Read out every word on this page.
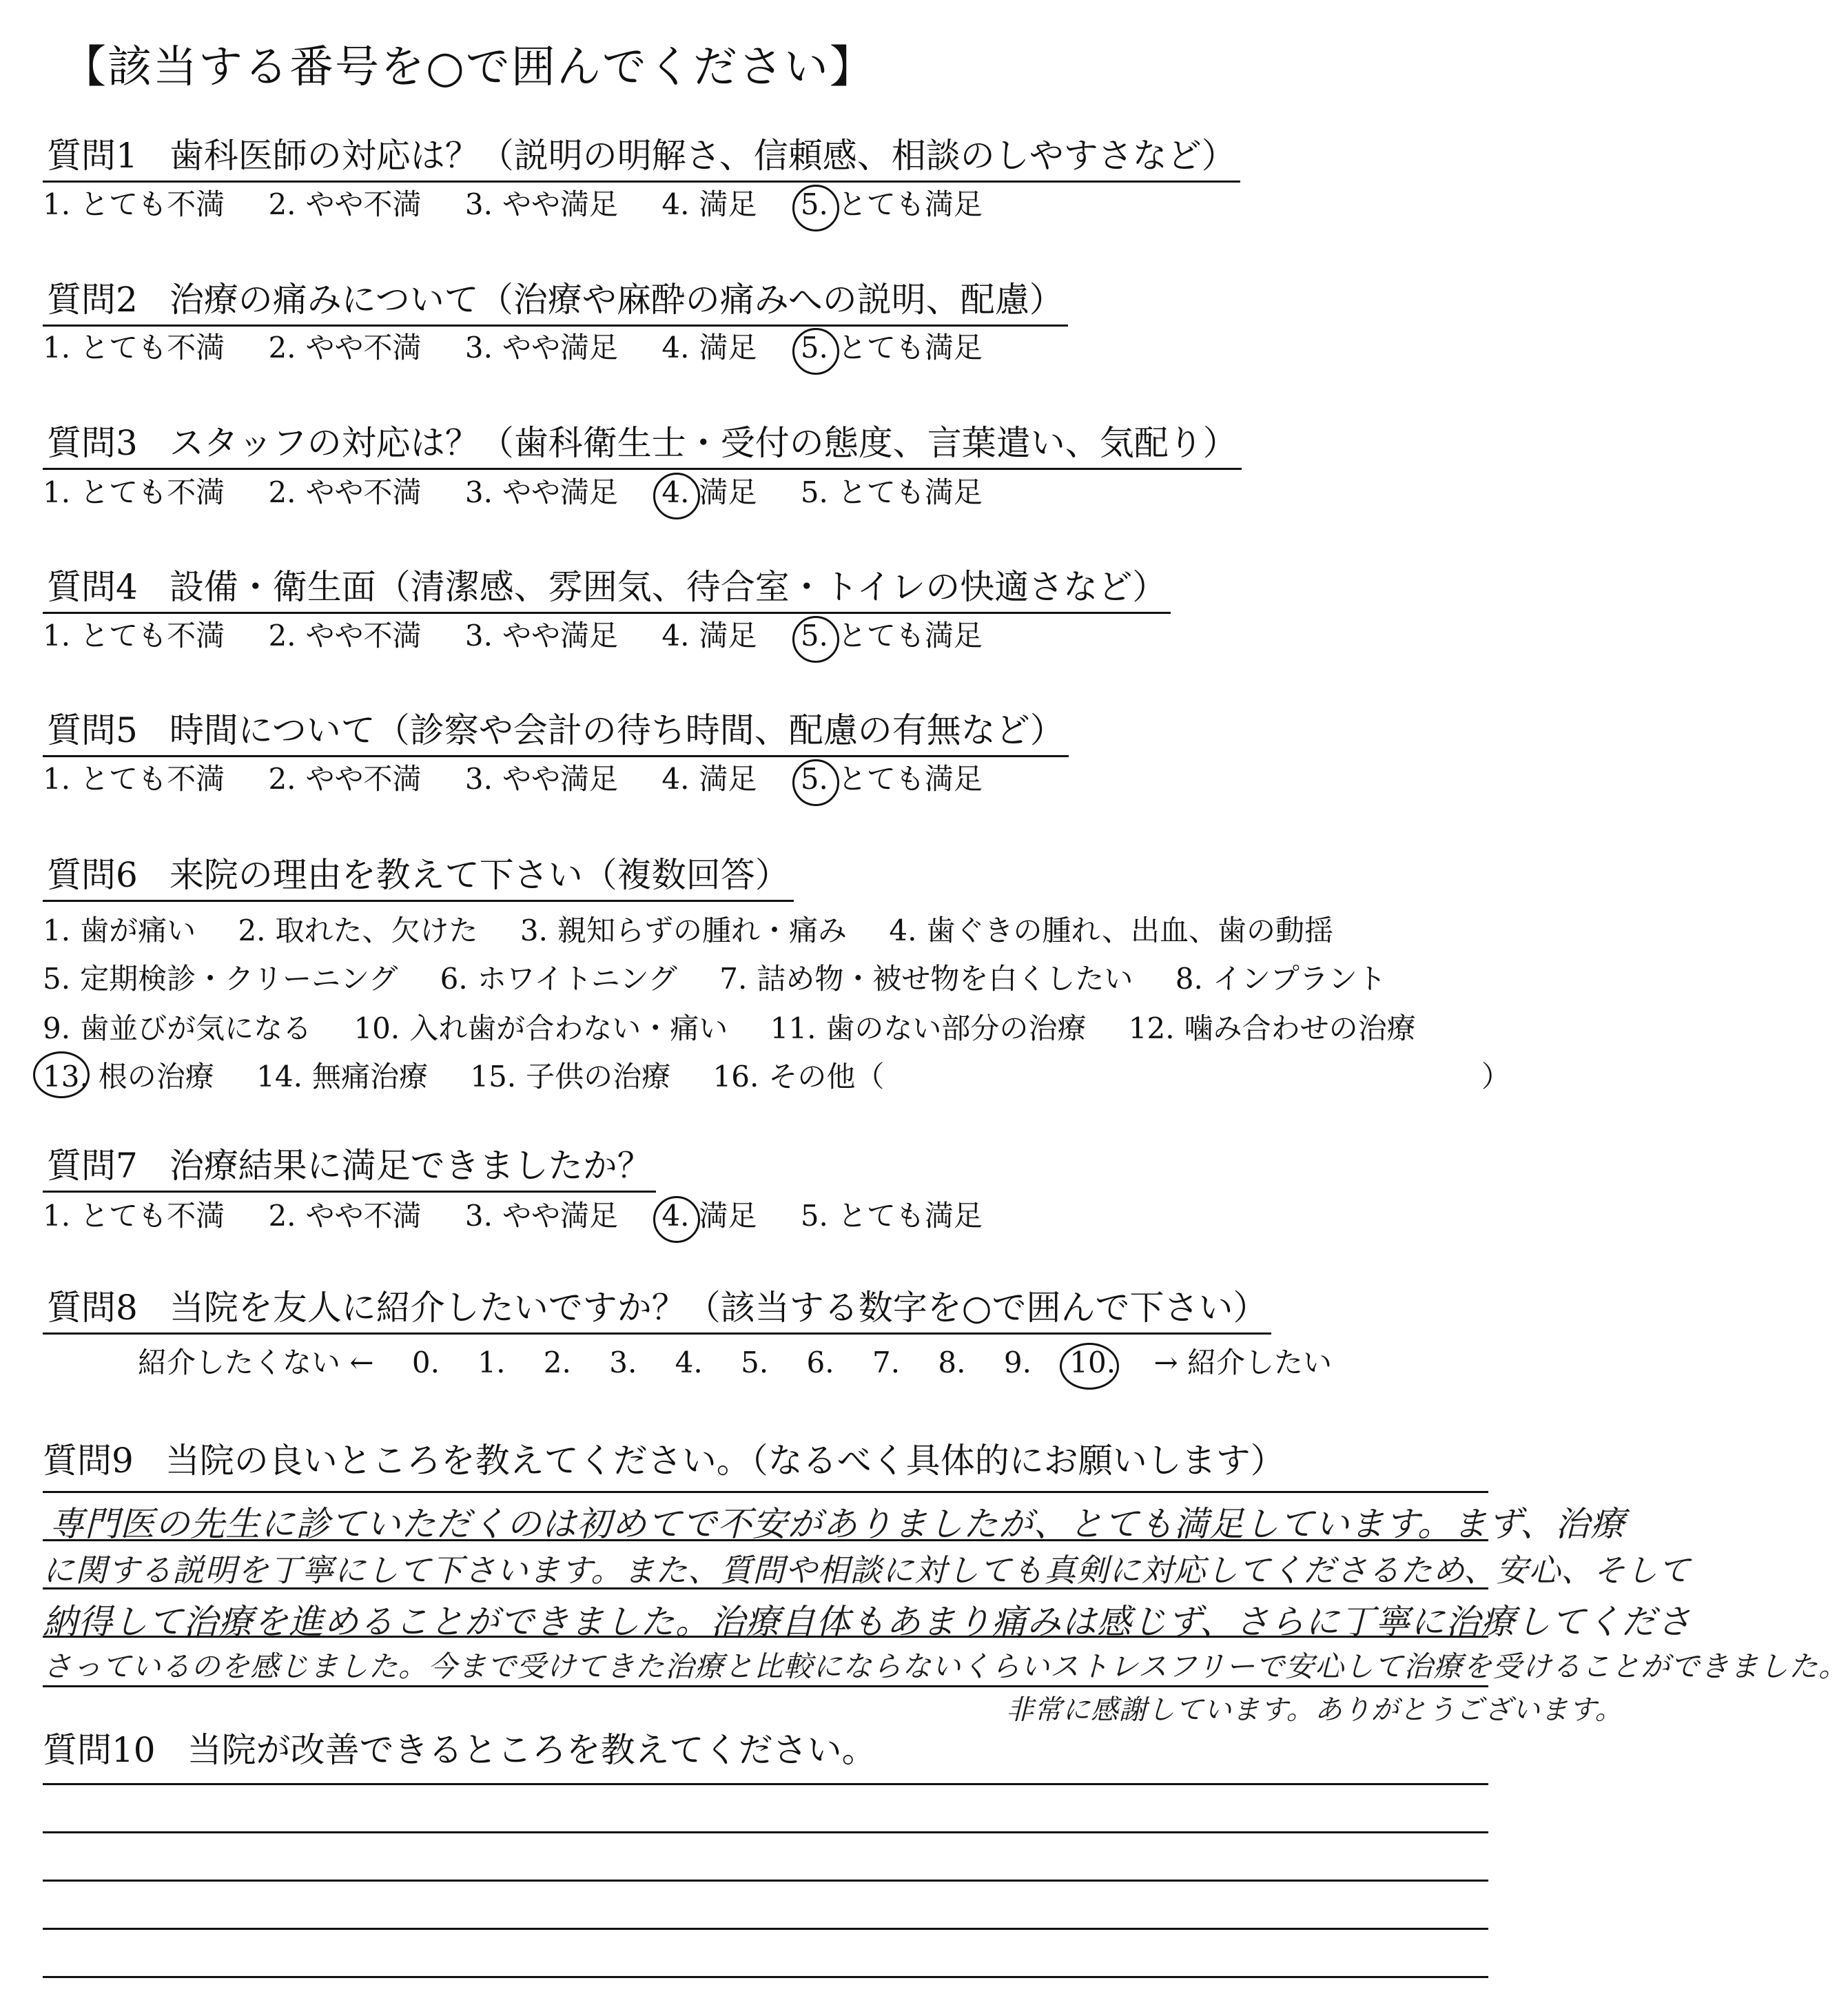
【該当する番号を○で囲んでください】
質問1 歯科医師の対応は？（説明の明解さ、信頼感、相談のしやすさなど）
1. とても不満 2. やや不満 3. やや満足 4. 満足 5. とても満足
質問2 治療の痛みについて（治療や麻酔の痛みへの説明、配慮）
1. とても不満 2. やや不満 3. やや満足 4. 満足 5. とても満足
質問3 スタッフの対応は？（歯科衛生士・受付の態度、言葉遣い、気配り）
1. とても不満 2. やや不満 3. やや満足 4. 満足 5. とても満足
質問4 設備・衛生面（清潔感、雰囲気、待合室・トイレの快適さなど）
1. とても不満 2. やや不満 3. やや満足 4. 満足 5. とても満足
質問5 時間について（診察や会計の待ち時間、配慮の有無など）
1. とても不満 2. やや不満 3. やや満足 4. 満足 5. とても満足
質問6 来院の理由を教えて下さい（複数回答）
1. 歯が痛い 2. 取れた、欠けた 3. 親知らずの腫れ・痛み 4. 歯ぐきの腫れ、出血、歯の動揺
5. 定期検診・クリーニング 6. ホワイトニング 7. 詰め物・被せ物を白くしたい 8. インプラント
9. 歯並びが気になる 10. 入れ歯が合わない・痛い 11. 歯のない部分の治療 12. 噛み合わせの治療
13. 根の治療 14. 無痛治療 15. 子供の治療 16. その他（	）
質問7 治療結果に満足できましたか？
1. とても不満 2. やや不満 3. やや満足 4. 満足 5. とても満足
質問8 当院を友人に紹介したいですか？（該当する数字を○で囲んで下さい）
紹介したくない ← 0. 1. 2. 3. 4. 5. 6. 7. 8. 9. 10. → 紹介したい
質問9 当院の良いところを教えてください。（なるべく具体的にお願いします）
専門医の先生に診ていただくのは初めてで不安がありましたが、とても満足しています。まず、治療
に関する説明を丁寧にして下さいます。また、質問や相談に対しても真剣に対応してくださるため、安心、そして
納得して治療を進めることができました。治療自体もあまり痛みは感じず、さらに丁寧に治療してくださ
さっているのを感じました。今まで受けてきた治療と比較にならないくらいストレスフリーで安心して治療を受けることができました。
非常に感謝しています。ありがとうございます。
質問10 当院が改善できるところを教えてください。
